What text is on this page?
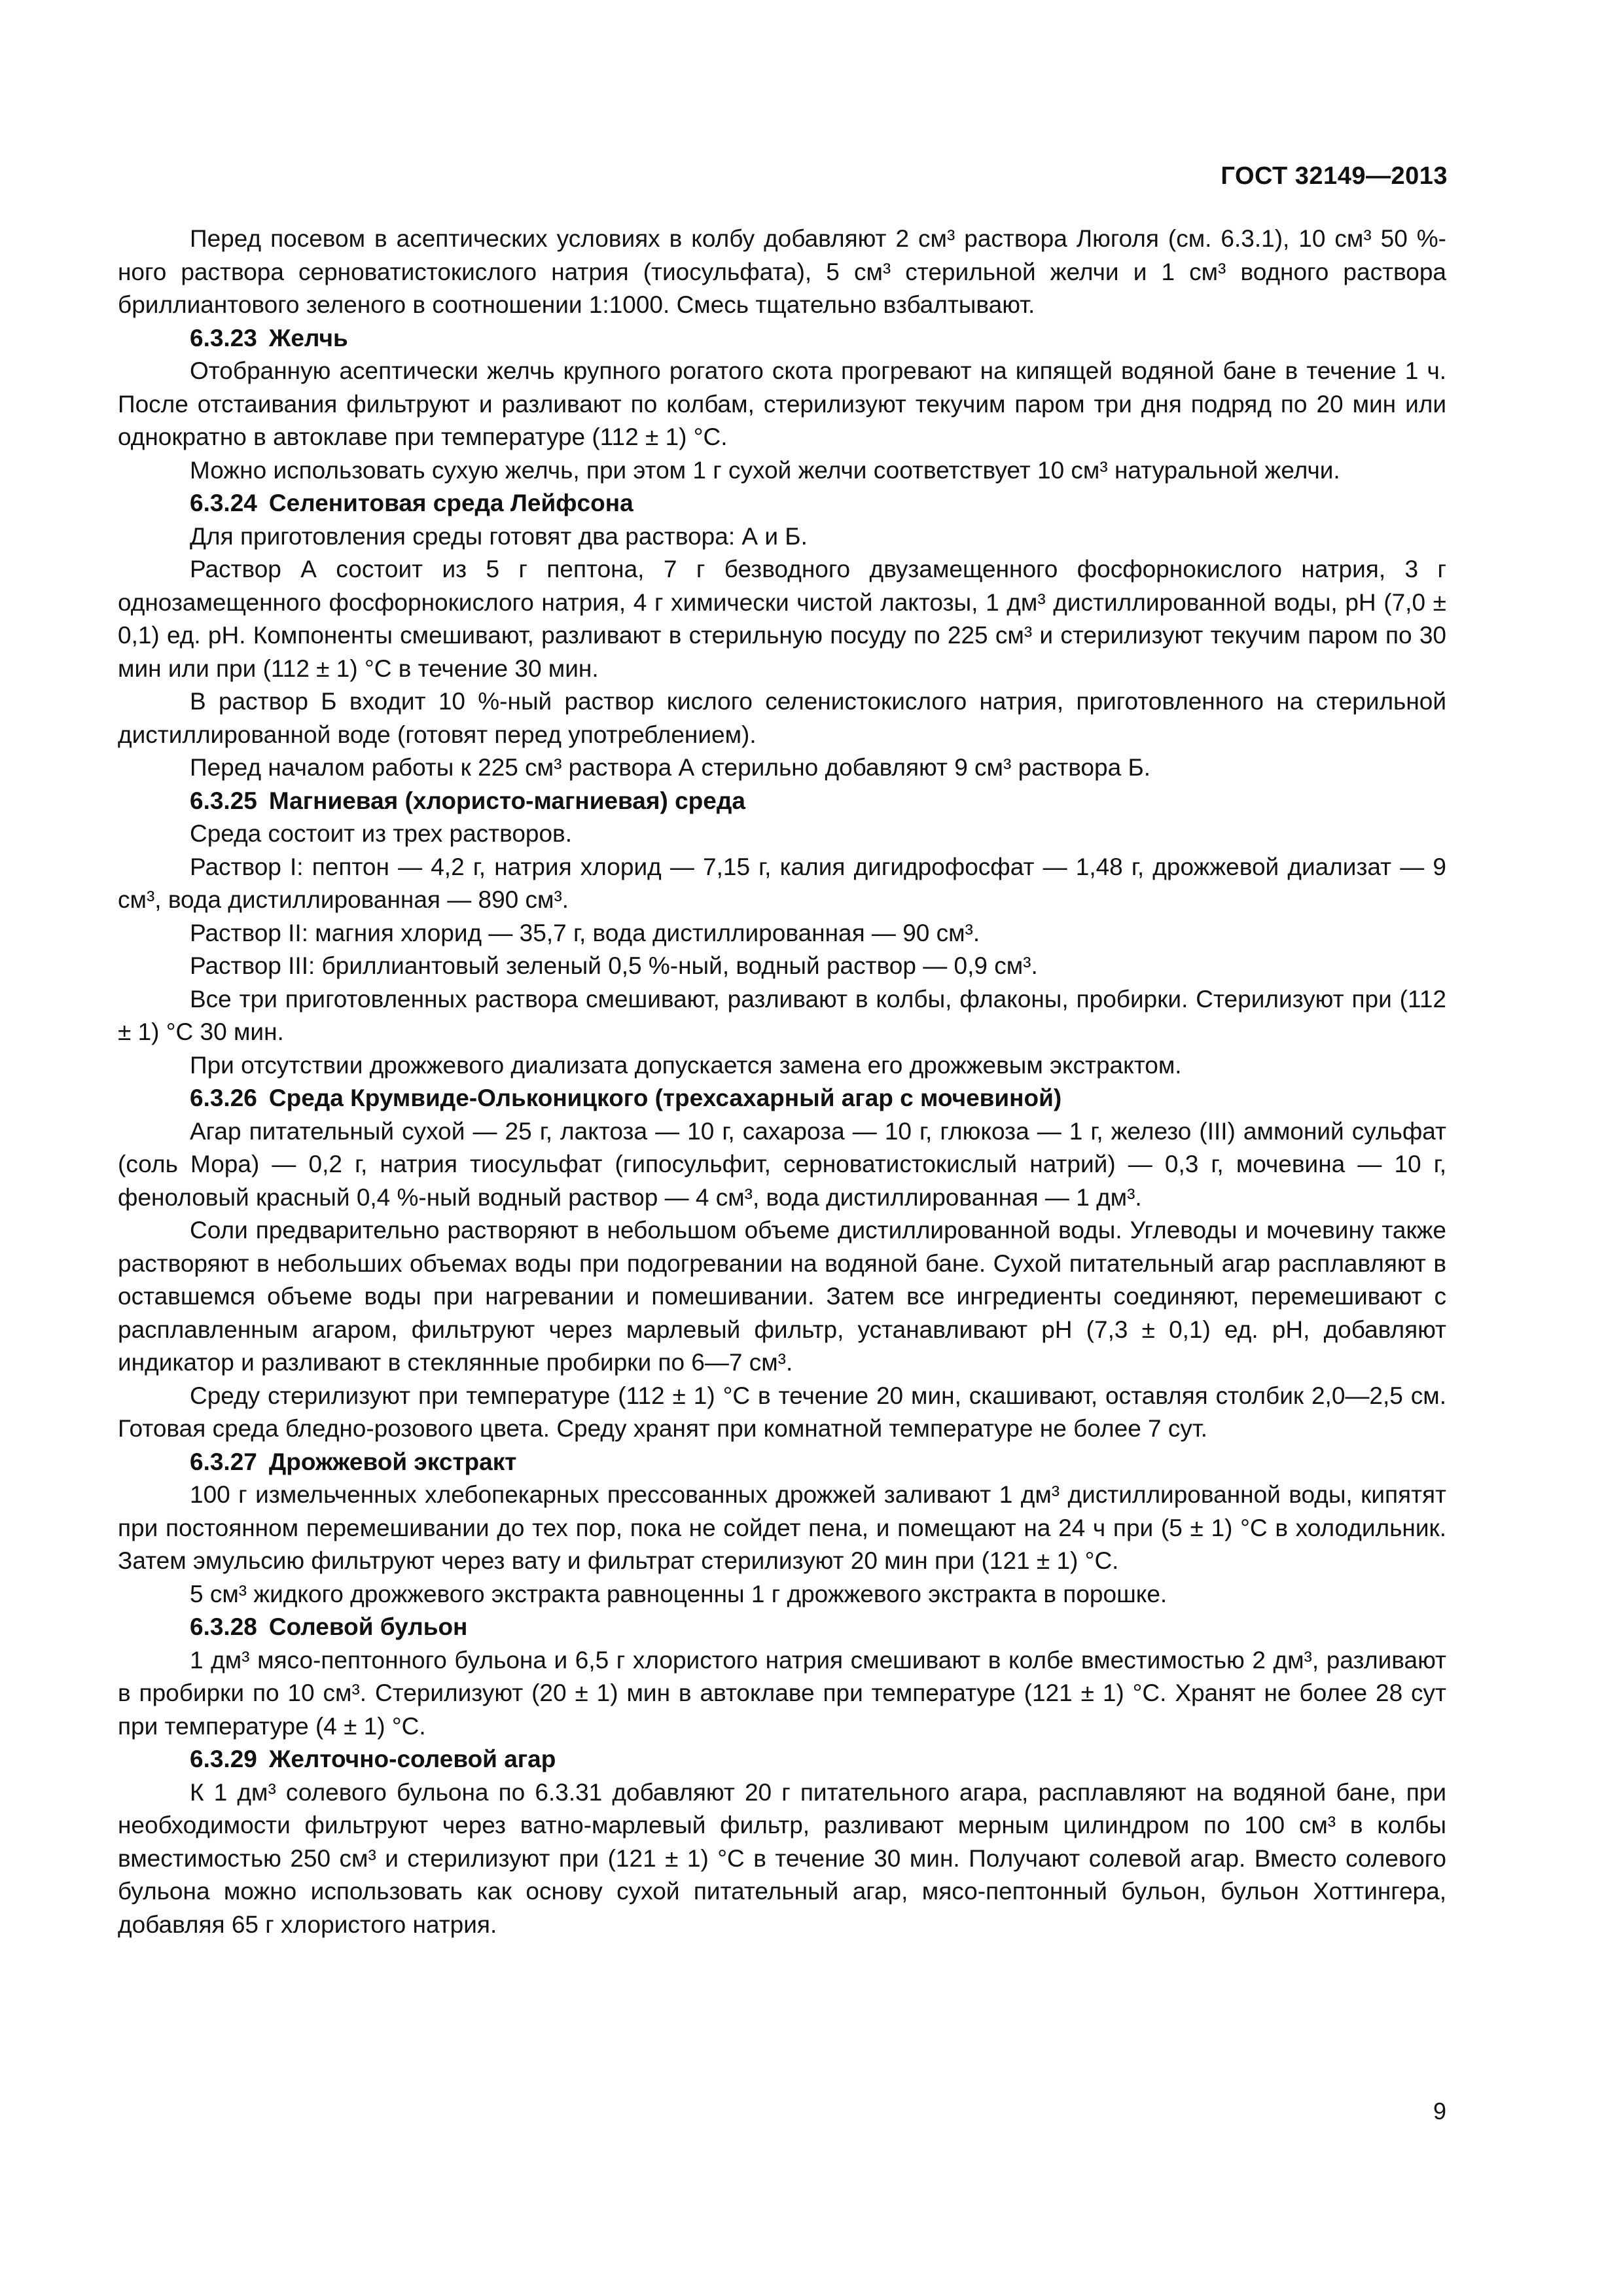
ГОСТ 32149—2013

Перед посевом в асептических условиях в колбу добавляют 2 см³ раствора Люголя (см. 6.3.1), 10 см³ 50 %-ного раствора серноватистокислого натрия (тиосульфата), 5 см³ стерильной желчи и 1 см³ водного раствора бриллиантового зеленого в соотношении 1:1000. Смесь тщательно взбалтывают.

6.3.23 Желчь

Отобранную асептически желчь крупного рогатого скота прогревают на кипящей водяной бане в течение 1 ч. После отстаивания фильтруют и разливают по колбам, стерилизуют текучим паром три дня подряд по 20 мин или однократно в автоклаве при температуре (112 ± 1) °С.

Можно использовать сухую желчь, при этом 1 г сухой желчи соответствует 10 см³ натуральной желчи.

6.3.24 Селенитовая среда Лейфсона

Для приготовления среды готовят два раствора: А и Б.

Раствор А состоит из 5 г пептона, 7 г безводного двузамещенного фосфорнокислого натрия, 3 г однозамещенного фосфорнокислого натрия, 4 г химически чистой лактозы, 1 дм³ дистиллированной воды, рН (7,0 ± 0,1) ед. рН. Компоненты смешивают, разливают в стерильную посуду по 225 см³ и стерилизуют текучим паром по 30 мин или при (112 ± 1) °С в течение 30 мин.

В раствор Б входит 10 %-ный раствор кислого селенистокислого натрия, приготовленного на стерильной дистиллированной воде (готовят перед употреблением).

Перед началом работы к 225 см³ раствора А стерильно добавляют 9 см³ раствора Б.

6.3.25 Магниевая (хлористо-магниевая) среда

Среда состоит из трех растворов.

Раствор I: пептон — 4,2 г, натрия хлорид — 7,15 г, калия дигидрофосфат — 1,48 г, дрожжевой диализат — 9 см³, вода дистиллированная — 890 см³.

Раствор II: магния хлорид — 35,7 г, вода дистиллированная — 90 см³.

Раствор III: бриллиантовый зеленый 0,5 %-ный, водный раствор — 0,9 см³.

Все три приготовленных раствора смешивают, разливают в колбы, флаконы, пробирки. Стерилизуют при (112 ± 1) °С 30 мин.

При отсутствии дрожжевого диализата допускается замена его дрожжевым экстрактом.

6.3.26 Среда Крумвиде-Ольконицкого (трехсахарный агар с мочевиной)

Агар питательный сухой — 25 г, лактоза — 10 г, сахароза — 10 г, глюкоза — 1 г, железо (III) аммоний сульфат (соль Мора) — 0,2 г, натрия тиосульфат (гипосульфит, серноватистокислый натрий) — 0,3 г, мочевина — 10 г, феноловый красный 0,4 %-ный водный раствор — 4 см³, вода дистиллированная — 1 дм³.

Соли предварительно растворяют в небольшом объеме дистиллированной воды. Углеводы и мочевину также растворяют в небольших объемах воды при подогревании на водяной бане. Сухой питательный агар расплавляют в оставшемся объеме воды при нагревании и помешивании. Затем все ингредиенты соединяют, перемешивают с расплавленным агаром, фильтруют через марлевый фильтр, устанавливают рН (7,3 ± 0,1) ед. рН, добавляют индикатор и разливают в стеклянные пробирки по 6—7 см³.

Среду стерилизуют при температуре (112 ± 1) °С в течение 20 мин, скашивают, оставляя столбик 2,0—2,5 см. Готовая среда бледно-розового цвета. Среду хранят при комнатной температуре не более 7 сут.

6.3.27 Дрожжевой экстракт

100 г измельченных хлебопекарных прессованных дрожжей заливают 1 дм³ дистиллированной воды, кипятят при постоянном перемешивании до тех пор, пока не сойдет пена, и помещают на 24 ч при (5 ± 1) °С в холодильник. Затем эмульсию фильтруют через вату и фильтрат стерилизуют 20 мин при (121 ± 1) °С.

5 см³ жидкого дрожжевого экстракта равноценны 1 г дрожжевого экстракта в порошке.

6.3.28 Солевой бульон

1 дм³ мясо-пептонного бульона и 6,5 г хлористого натрия смешивают в колбе вместимостью 2 дм³, разливают в пробирки по 10 см³. Стерилизуют (20 ± 1) мин в автоклаве при температуре (121 ± 1) °С. Хранят не более 28 сут при температуре (4 ± 1) °С.

6.3.29 Желточно-солевой агар

К 1 дм³ солевого бульона по 6.3.31 добавляют 20 г питательного агара, расплавляют на водяной бане, при необходимости фильтруют через ватно-марлевый фильтр, разливают мерным цилиндром по 100 см³ в колбы вместимостью 250 см³ и стерилизуют при (121 ± 1) °С в течение 30 мин. Получают солевой агар. Вместо солевого бульона можно использовать как основу сухой питательный агар, мясо-пептонный бульон, бульон Хоттингера, добавляя 65 г хлористого натрия.

9
